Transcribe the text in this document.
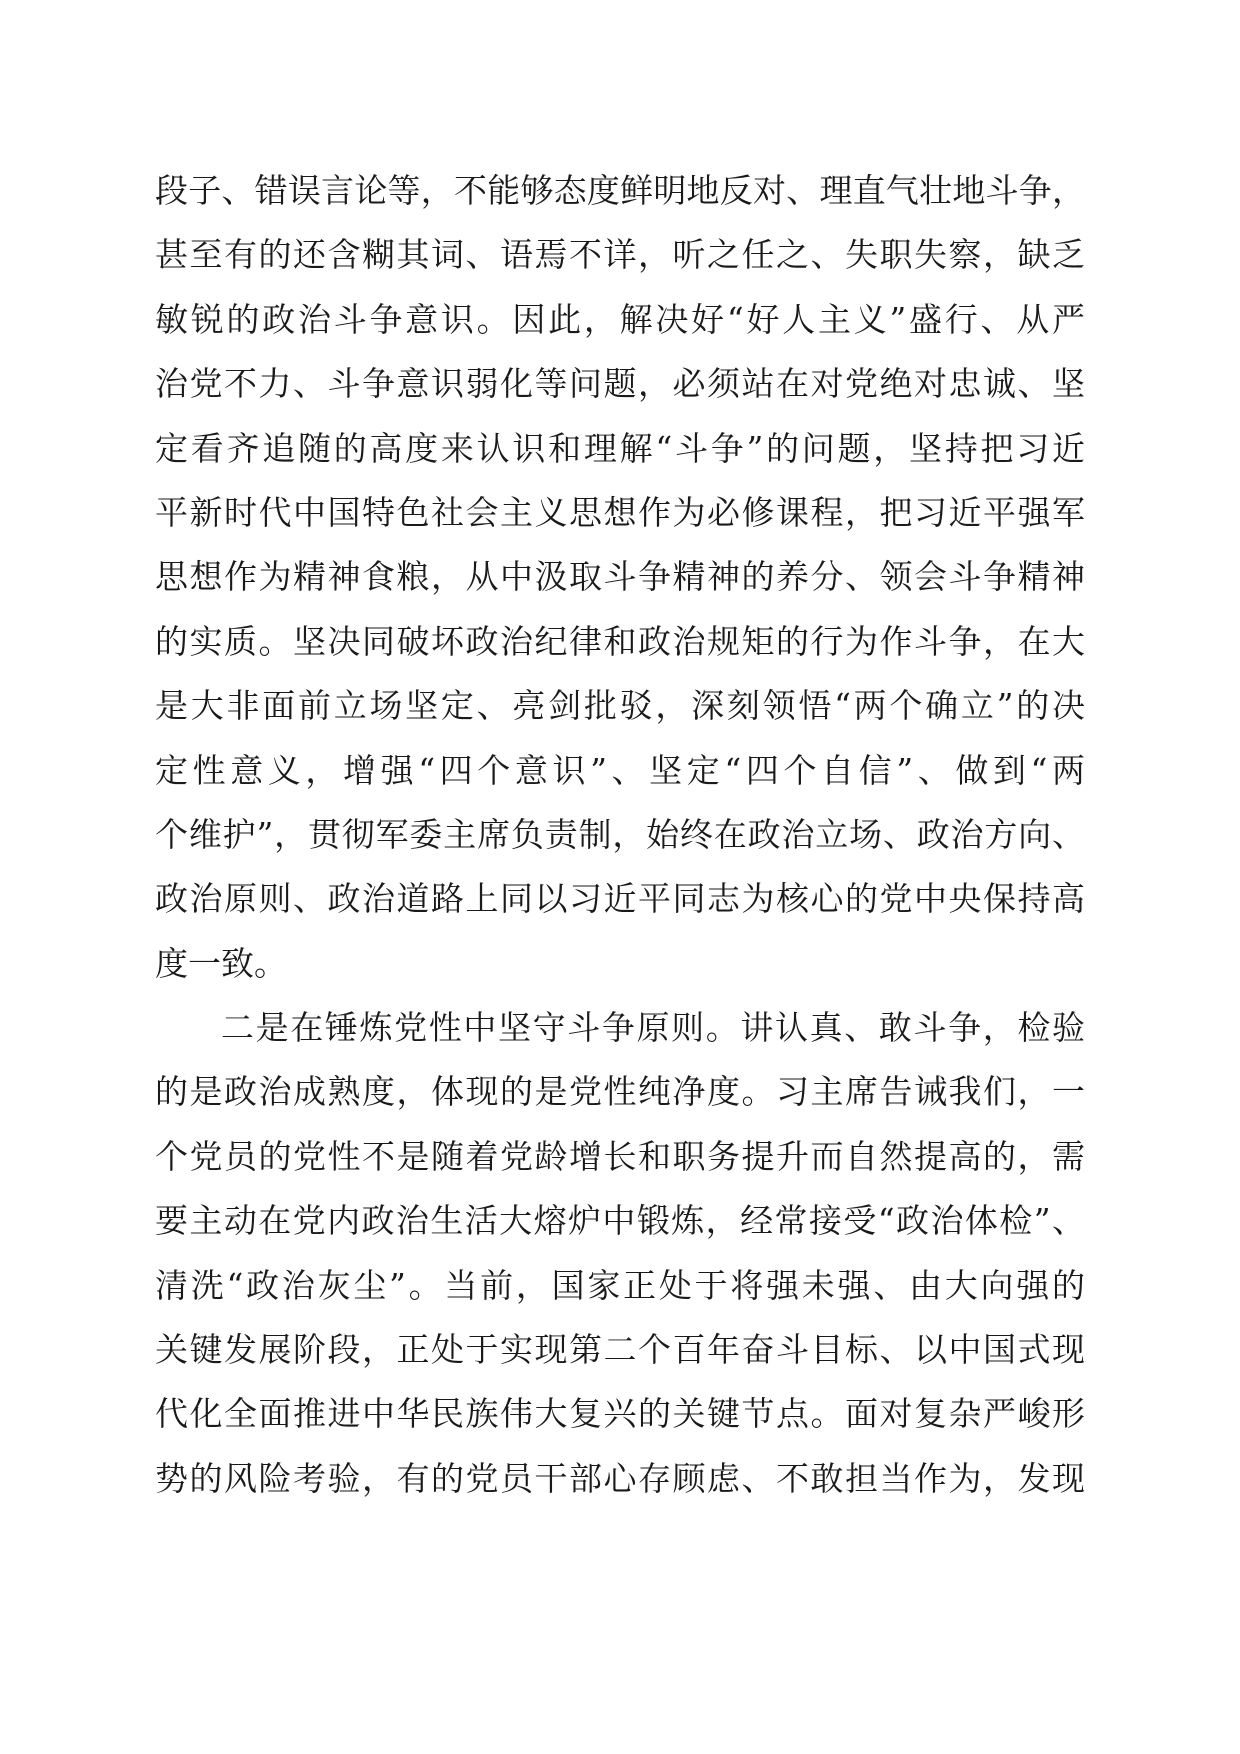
段子、错误言论等，不能够态度鲜明地反对、理直气壮地斗争，
甚至有的还含糊其词、语焉不详，听之任之、失职失察，缺乏
敏锐的政治斗争意识。因此，解决好“好人主义”盛行、从严
治党不力、斗争意识弱化等问题，必须站在对党绝对忠诚、坚
定看齐追随的高度来认识和理解“斗争”的问题，坚持把习近
平新时代中国特色社会主义思想作为必修课程，把习近平强军
思想作为精神食粮，从中汲取斗争精神的养分、领会斗争精神
的实质。坚决同破坏政治纪律和政治规矩的行为作斗争，在大
是大非面前立场坚定、亮剑批驳，深刻领悟“两个确立”的决
定性意义，增强“四个意识”、坚定“四个自信”、做到“两
个维护”，贯彻军委主席负责制，始终在政治立场、政治方向、
政治原则、政治道路上同以习近平同志为核心的党中央保持高
度一致。
二是在锤炼党性中坚守斗争原则。讲认真、敢斗争，检验
的是政治成熟度，体现的是党性纯净度。习主席告诫我们，一
个党员的党性不是随着党龄增长和职务提升而自然提高的，需
要主动在党内政治生活大熔炉中锻炼，经常接受“政治体检”、
清洗“政治灰尘”。当前，国家正处于将强未强、由大向强的
关键发展阶段，正处于实现第二个百年奋斗目标、以中国式现
代化全面推进中华民族伟大复兴的关键节点。面对复杂严峻形
势的风险考验，有的党员干部心存顾虑、不敢担当作为，发现
